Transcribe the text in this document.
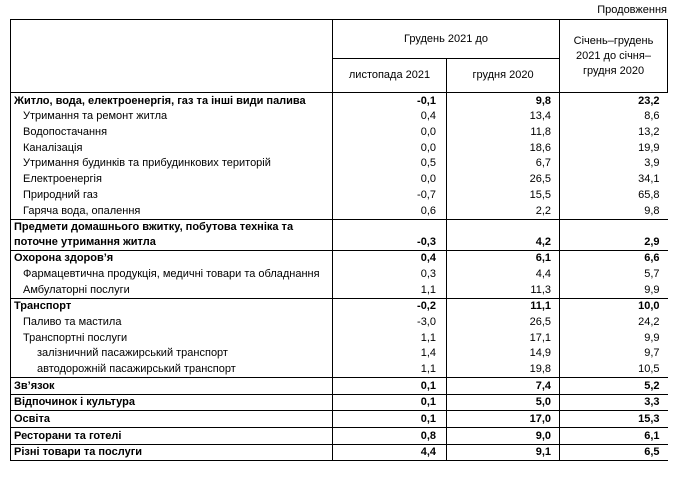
Продовження
	Грудень 2021 до		Січень–грудень 2021 до січня–грудня 2020
	листопада 2021	грудня 2020	
Житло, вода, електроенергія, газ та інші види палива	-0,1	9,8	23,2
Утримання та ремонт житла	0,4	13,4	8,6
Водопостачання	0,0	11,8	13,2
Каналізація	0,0	18,6	19,9
Утримання будинків та прибудинкових територій	0,5	6,7	3,9
Електроенергія	0,0	26,5	34,1
Природний газ	-0,7	15,5	65,8
Гаряча вода, опалення	0,6	2,2	9,8
Предмети домашнього вжитку, побутова техніка та поточне утримання житла	-0,3	4,2	2,9
Охорона здоров’я	0,4	6,1	6,6
Фармацевтична продукція, медичні товари та обладнання	0,3	4,4	5,7
Амбулаторні послуги	1,1	11,3	9,9
Транспорт	-0,2	11,1	10,0
Паливо та мастила	-3,0	26,5	24,2
Транспортні послуги	1,1	17,1	9,9
залізничний пасажирський транспорт	1,4	14,9	9,7
автодорожній пасажирський транспорт	1,1	19,8	10,5
Зв’язок	0,1	7,4	5,2
Відпочинок і культура	0,1	5,0	3,3
Освіта	0,1	17,0	15,3
Ресторани та готелі	0,8	9,0	6,1
Різні товари та послуги	4,4	9,1	6,5
